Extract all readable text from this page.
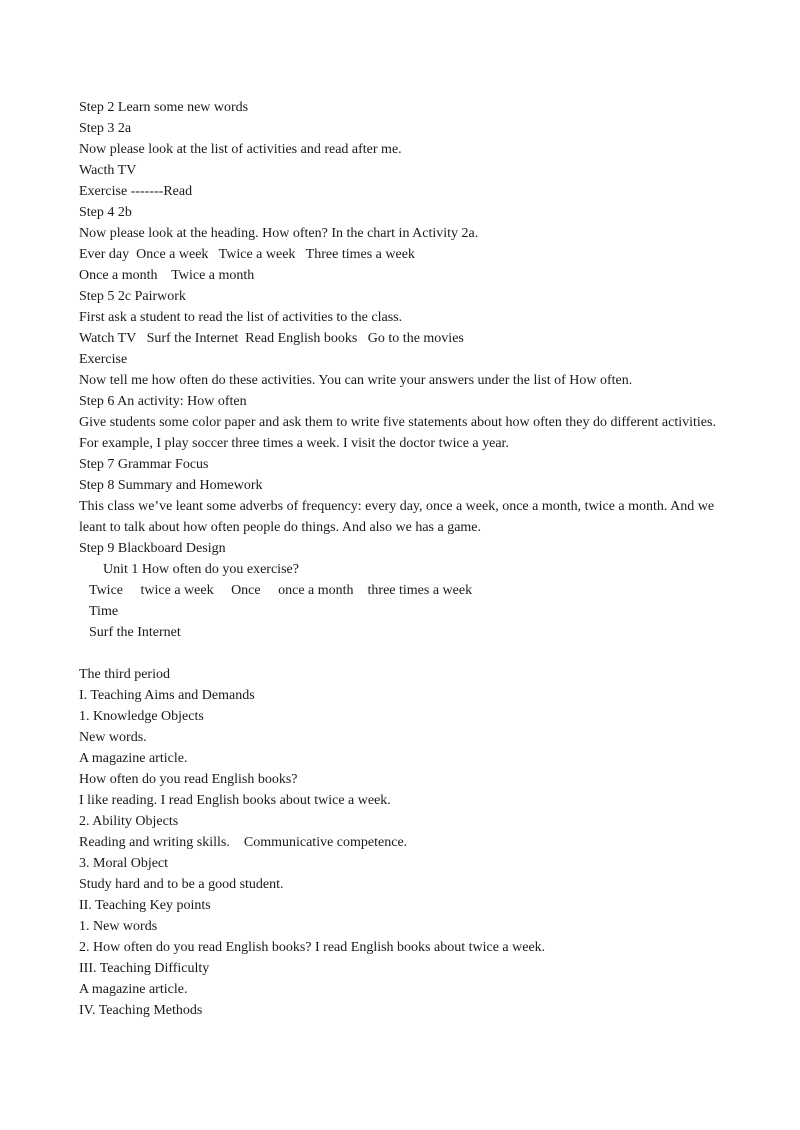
Step 2 Learn some new words
Step 3 2a
Now please look at the list of activities and read after me.
Wacth TV
Exercise -------Read
Step 4 2b
Now please look at the heading. How often? In the chart in Activity 2a.
Ever day  Once a week   Twice a week   Three times a week
Once a month    Twice a month
Step 5 2c Pairwork
First ask a student to read the list of activities to the class.
Watch TV   Surf the Internet  Read English books   Go to the movies
Exercise
Now tell me how often do these activities. You can write your answers under the list of How often.
Step 6 An activity: How often
Give students some color paper and ask them to write five statements about how often they do different activities.
For example, I play soccer three times a week. I visit the doctor twice a year.
Step 7 Grammar Focus
Step 8 Summary and Homework
This class we’ve leant some adverbs of frequency: every day, once a week, once a month, twice a month. And we
leant to talk about how often people do things. And also we has a game.
Step 9 Blackboard Design
Unit 1 How often do you exercise?
Twice     twice a week     Once     once a month    three times a week
Time
Surf the Internet
The third period
I. Teaching Aims and Demands
1. Knowledge Objects
New words.
A magazine article.
How often do you read English books?
I like reading. I read English books about twice a week.
2. Ability Objects
Reading and writing skills.    Communicative competence.
3. Moral Object
Study hard and to be a good student.
II. Teaching Key points
1. New words
2. How often do you read English books? I read English books about twice a week.
III. Teaching Difficulty
A magazine article.
IV. Teaching Methods
